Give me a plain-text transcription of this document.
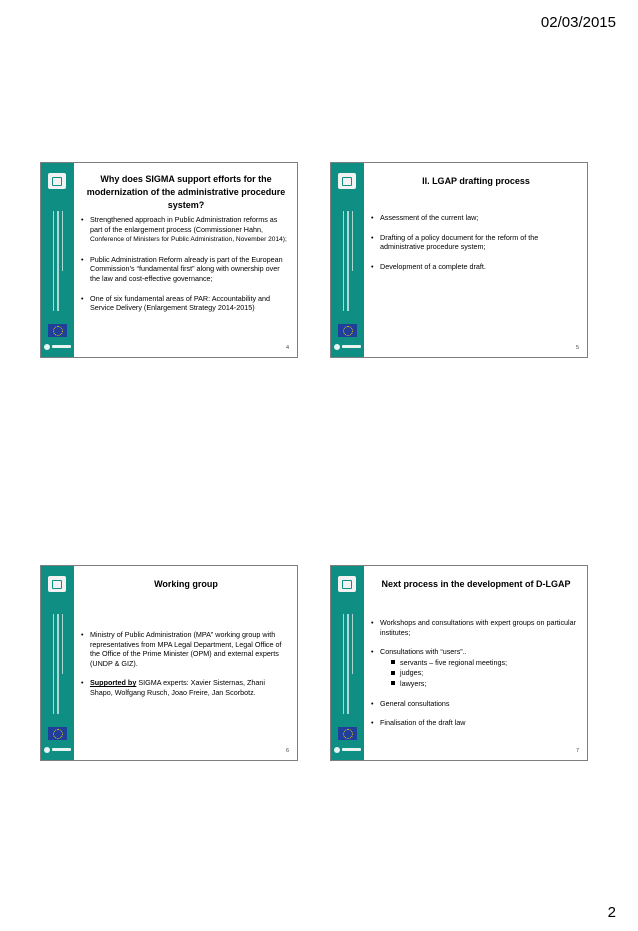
02/03/2015
Why does SIGMA support efforts for the modernization of the administrative procedure system?
• Strengthened approach in Public Administration reforms as part of the enlargement process (Commissioner Hahn, Conference of Ministers for Public Administration, November 2014);
• Public Administration Reform already is part of the European Commission’s “fundamental first” along with ownership over the law and cost-effective governance;
• One of six fundamental areas of PAR: Accountability and Service Delivery (Enlargement Strategy 2014-2015)
4
II. LGAP drafting process
• Assessment of the current law;
• Drafting of a policy document for the reform of the administrative procedure system;
• Development of a complete draft.
5
Working group
• Ministry of Public Administration (MPA” working group with representatives from MPA Legal Department, Legal Office of the Office of the Prime Minister (OPM) and external experts (UNDP & GIZ).
• Supported by SIGMA experts: Xavier Sisternas, Zhani Shapo, Wolfgang Rusch, Joao Freire, Jan Scorbotz.
6
Next process in the development of D-LGAP
• Workshops and consultations with expert groups on particular institutes;
• Consultations with “users”..
servants – five regional meetings;
judges;
lawyers;
• General consultations
• Finalisation of the draft law
7
2
